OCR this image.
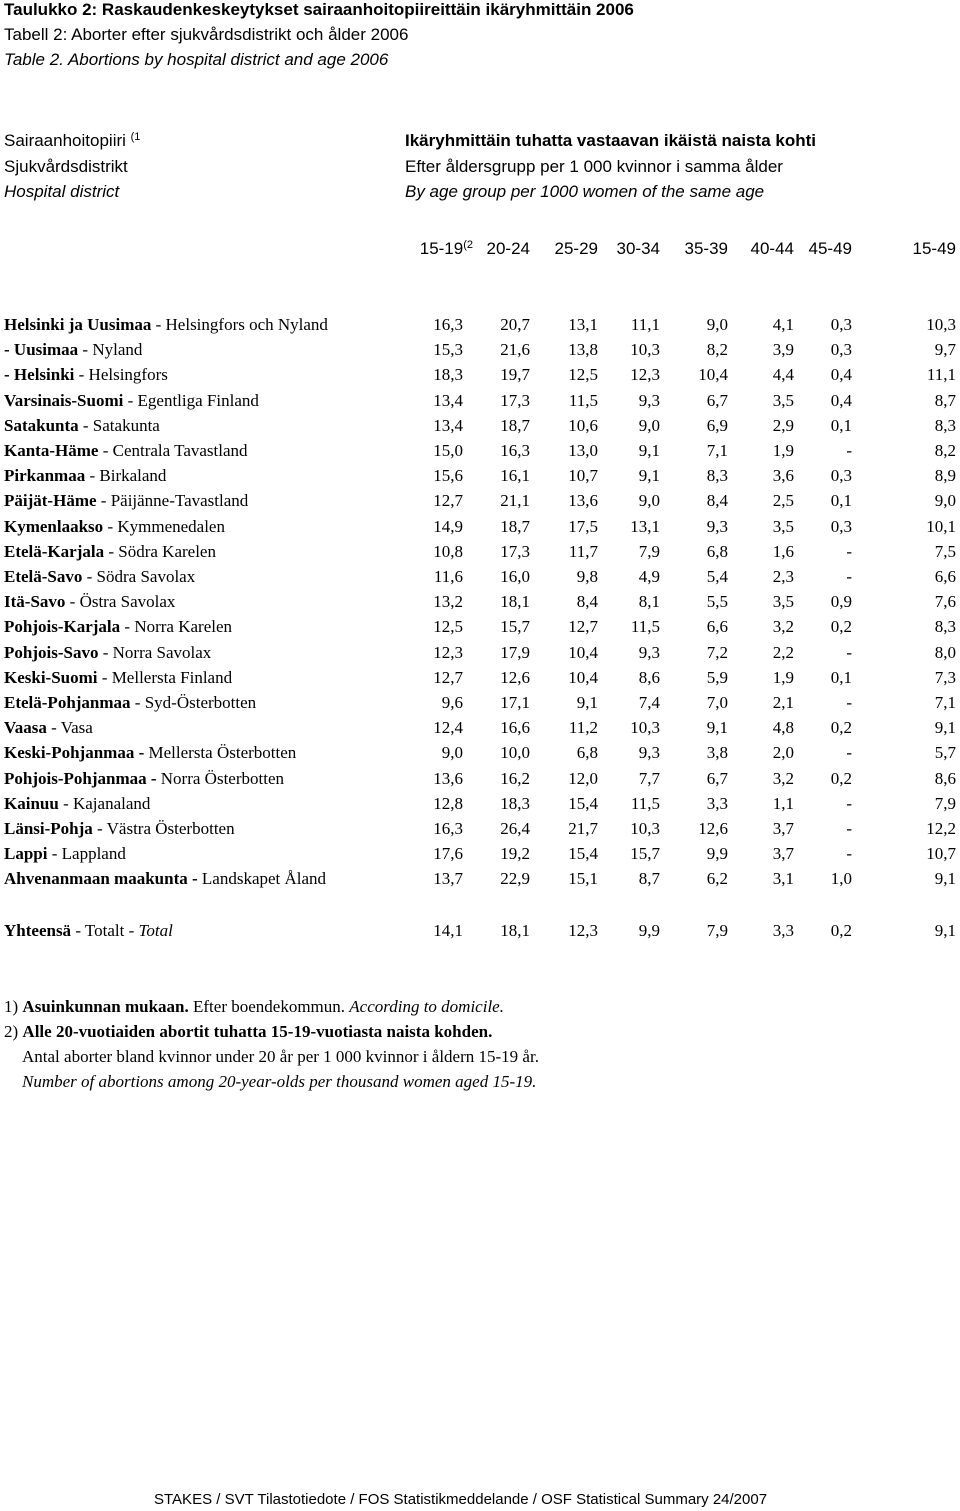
Taulukko 2: Raskaudenkeskeytykset sairaanhoitopiireittäin ikäryhmittäin 2006
Tabell 2: Aborter efter sjukvårdsdistrikt och ålder 2006
Table 2. Abortions by hospital district and age 2006
Sairaanhoitopiiri $^{(1}$
Sjukvårdsdistrikt
Hospital district
Ikäryhmittäin tuhatta vastaavan ikäistä naista kohti
Efter åldersgrupp per 1 000 kvinnor i samma ålder
By age group per 1000 women of the same age
15-19$^{(2}$ 20-24 25-29 30-34 35-39 40-44 45-49	15-49
Helsinki ja Uusimaa - Helsingfors och Nyland	16,3 20,7 13,1 11,1	9,0	4,1 0,3	10,3
- Uusimaa - Nyland	15,3 21,6 13,8 10,3	8,2	3,9 0,3	9,7
- Helsinki - Helsingfors	18,3 19,7 12,5 12,3 10,4	4,4 0,4	11,1
Varsinais-Suomi - Egentliga Finland	13,4 17,3 11,5 9,3	6,7	3,5 0,4	8,7
Satakunta - Satakunta	13,4 18,7 10,6 9,0	6,9	2,9 0,1	8,3
Kanta-Häme - Centrala Tavastland	15,0 16,3 13,0 9,1	7,1	1,9	-	8,2
Pirkanmaa - Birkaland	15,6 16,1 10,7 9,1	8,3	3,6 0,3	8,9
Päijät-Häme - Päijänne-Tavastland	12,7 21,1 13,6 9,0	8,4	2,5 0,1	9,0
Kymenlaakso - Kymmenedalen	14,9 18,7 17,5 13,1	9,3	3,5 0,3	10,1
Etelä-Karjala - Södra Karelen	10,8 17,3 11,7 7,9	6,8	1,6	-	7,5
Etelä-Savo - Södra Savolax	11,6 16,0	9,8 4,9	5,4	2,3	-	6,6
Itä-Savo - Östra Savolax	13,2 18,1	8,4 8,1	5,5	3,5 0,9	7,6
Pohjois-Karjala - Norra Karelen	12,5 15,7 12,7 11,5	6,6	3,2 0,2	8,3
Pohjois-Savo - Norra Savolax	12,3 17,9 10,4 9,3	7,2	2,2	-	8,0
Keski-Suomi - Mellersta Finland	12,7 12,6 10,4 8,6	5,9	1,9 0,1	7,3
Etelä-Pohjanmaa - Syd-Österbotten	9,6 17,1	9,1 7,4	7,0	2,1	-	7,1
Vaasa - Vasa	12,4 16,6 11,2 10,3	9,1	4,8 0,2	9,1
Keski-Pohjanmaa - Mellersta Österbotten	9,0 10,0	6,8 9,3	3,8	2,0	-	5,7
Pohjois-Pohjanmaa - Norra Österbotten	13,6 16,2 12,0 7,7	6,7	3,2 0,2	8,6
Kainuu - Kajanaland	12,8 18,3 15,4 11,5	3,3	1,1	-	7,9
Länsi-Pohja - Västra Österbotten	16,3 26,4 21,7 10,3 12,6	3,7	-	12,2
Lappi - Lappland	17,6 19,2 15,4 15,7	9,9	3,7	-	10,7
Ahvenanmaan maakunta - Landskapet Åland	13,7 22,9 15,1 8,7	6,2	3,1 1,0	9,1
Yhteensä - Totalt - Total	14,1 18,1 12,3 9,9	7,9	3,3 0,2	9,1
1) Asuinkunnan mukaan. Efter boendekommun. According to domicile.
2) Alle 20-vuotiaiden abortit tuhatta 15-19-vuotiasta naista kohden.
Antal aborter bland kvinnor under 20 år per 1 000 kvinnor i åldern 15-19 år.
Number of abortions among 20-year-olds per thousand women aged 15-19.
STAKES / SVT Tilastotiedote / FOS Statistikmeddelande / OSF Statistical Summary 24/2007
